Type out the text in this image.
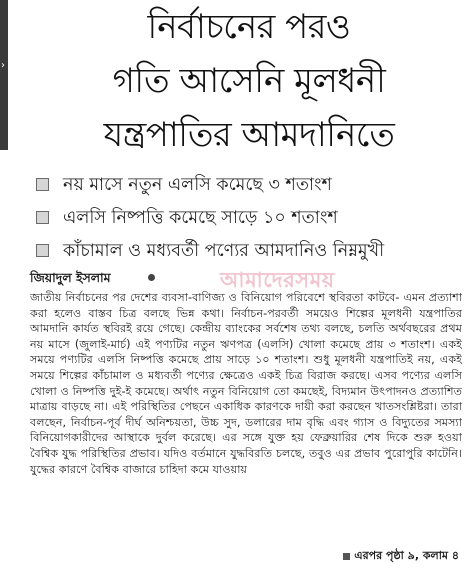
›
নির্বাচনের পরও
গতি আসেনি মূলধনী
যন্ত্রপাতির আমদানিতে
নয় মাসে নতুন এলসি কমেছে ৩ শতাংশ
এলসি নিষ্পত্তি কমেছে সাড়ে ১০ শতাংশ
কাঁচামাল ও মধ্যবর্তী পণ্যের আমদানিও নিম্নমুখী
জিয়াদুল ইসলাম	আমাদেরসময়

জাতীয় নির্বাচনের পর দেশের ব্যবসা-বাণিজ্য ও বিনিয়োগ পরিবেশে স্থবিরতা কাটবে- এমন প্রত্যাশা করা হলেও বাস্তব চিত্র বলছে ভিন্ন কথা। নির্বাচন-পরবর্তী সময়েও শিল্পের মূলধনী যন্ত্রপাতির আমদানি কার্যত স্থবিরই রয়ে গেছে। কেন্দ্রীয় ব্যাংকের সর্বশেষ তথ্য বলছে, চলতি অর্থবছরের প্রথম নয় মাসে (জুলাই-মার্চ) এই পণ্যটির নতুন ঋণপত্র (এলসি) খোলা কমেছে প্রায় ৩ শতাংশ। একই সময়ে পণ্যটির এলসি নিষ্পত্তি কমেছে প্রায় সাড়ে ১০ শতাংশ। শুধু মূলধনী যন্ত্রপাতিই নয়, একই সময়ে শিল্পের কাঁচামাল ও মধ্যবর্তী পণ্যের ক্ষেত্রেও একই চিত্র বিরাজ করছে। এসব পণ্যের এলসি খোলা ও নিষ্পত্তি দুই-ই কমেছে। অর্থাৎ নতুন বিনিয়োগ তো কমছেই, বিদ্যমান উৎপাদনও প্রত্যাশিত মাত্রায় বাড়ছে না। এই পরিস্থিতির পেছনে একাধিক কারণকে দায়ী করা করছেন খাতসংশ্লিষ্টরা। তারা বলছেন, নির্বাচন-পূর্ব দীর্ঘ অনিশ্চয়তা, উচ্চ সুদ, ডলারের দাম বৃদ্ধি এবং গ্যাস ও বিদ্যুতের সমস্যা বিনিয়োগকারীদের আস্থাকে দুর্বল করেছে। এর সঙ্গে যুক্ত হয় ফেব্রুয়ারির শেষ দিকে শুরু হওয়া বৈশ্বিক যুদ্ধ পরিস্থিতির প্রভাব। যদিও বর্তমানে যুদ্ধবিরতি চলছে, তবুও এর প্রভাব পুরোপুরি কাটেনি। যুদ্ধের কারণে বৈশ্বিক বাজারে চাহিদা কমে যাওয়ায়

এরপর পৃষ্ঠা ৯, কলাম ৪
